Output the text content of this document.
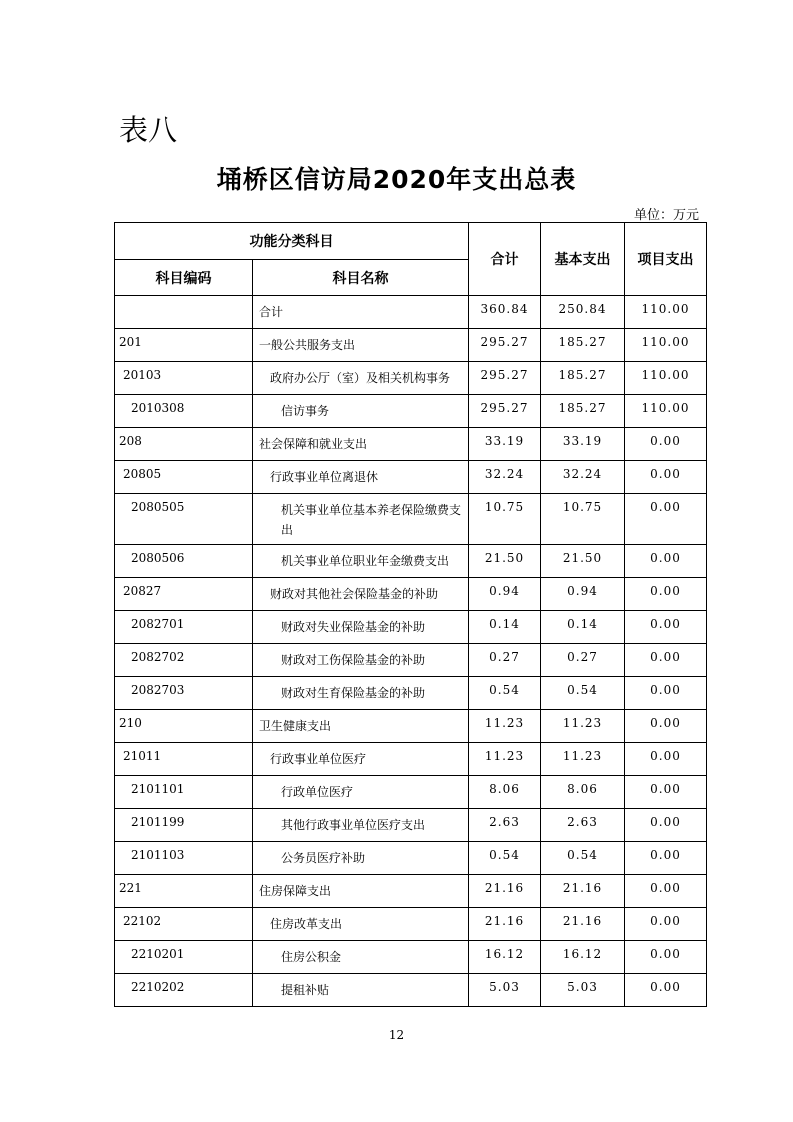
表八
埇桥区信访局2020年支出总表
单位：万元
功能分类科目		合计	基本支出	项目支出
科目编码	科目名称			
	合计	360.84	250.84	110.00
201	一般公共服务支出	295.27	185.27	110.00
20103	政府办公厅（室）及相关机构事务	295.27	185.27	110.00
2010308	信访事务	295.27	185.27	110.00
208	社会保障和就业支出	33.19	33.19	0.00
20805	行政事业单位离退休	32.24	32.24	0.00
2080505	机关事业单位基本养老保险缴费支出	10.75	10.75	0.00
2080506	机关事业单位职业年金缴费支出	21.50	21.50	0.00
20827	财政对其他社会保险基金的补助	0.94	0.94	0.00
2082701	财政对失业保险基金的补助	0.14	0.14	0.00
2082702	财政对工伤保险基金的补助	0.27	0.27	0.00
2082703	财政对生育保险基金的补助	0.54	0.54	0.00
210	卫生健康支出	11.23	11.23	0.00
21011	行政事业单位医疗	11.23	11.23	0.00
2101101	行政单位医疗	8.06	8.06	0.00
2101199	其他行政事业单位医疗支出	2.63	2.63	0.00
2101103	公务员医疗补助	0.54	0.54	0.00
221	住房保障支出	21.16	21.16	0.00
22102	住房改革支出	21.16	21.16	0.00
2210201	住房公积金	16.12	16.12	0.00
2210202	提租补贴	5.03	5.03	0.00
12
